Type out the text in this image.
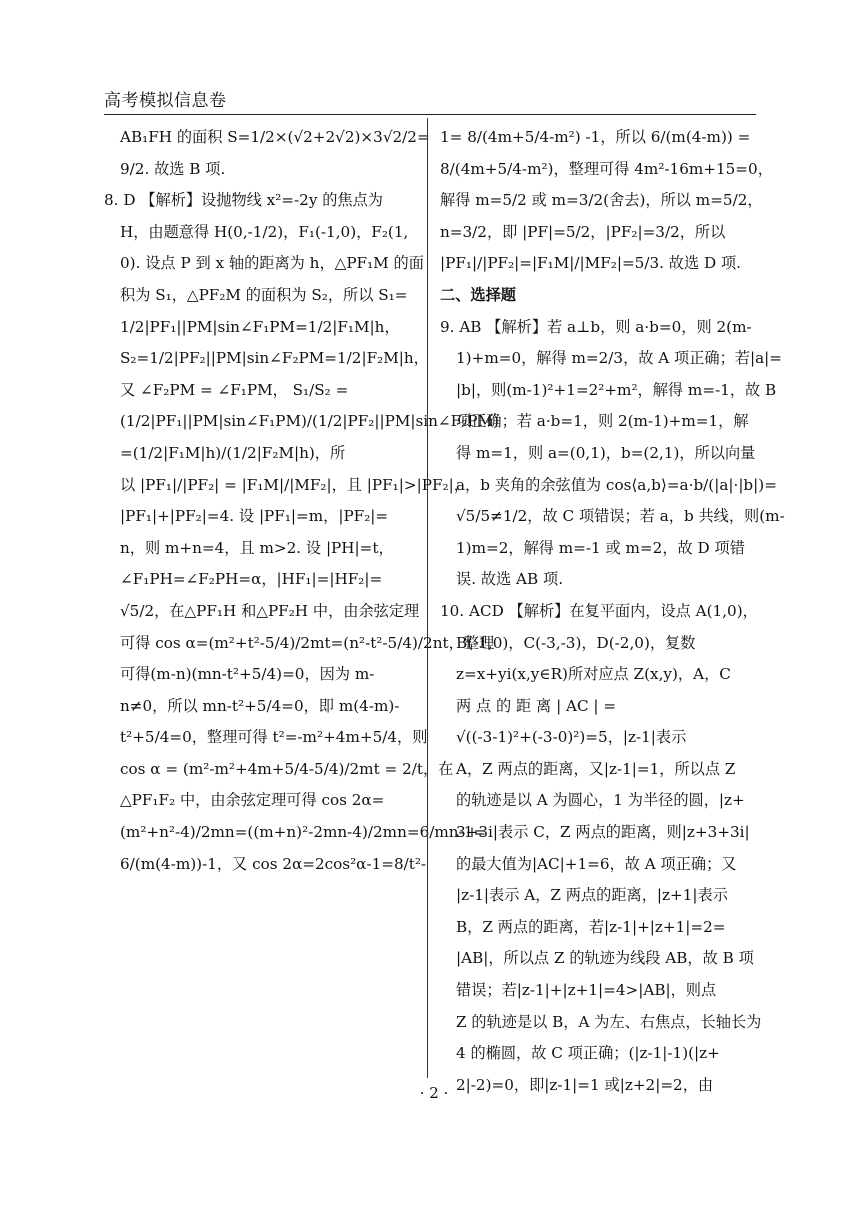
高考模拟信息卷
AB₁FH 的面积 S=1/2×(√2+2√2)×3√2/2=
9/2. 故选 B 项.
8. D 【解析】设抛物线 x²=-2y 的焦点为
H，由题意得 H(0,-1/2)，F₁(-1,0)，F₂(1,
0). 设点 P 到 x 轴的距离为 h，△PF₁M 的面
积为 S₁，△PF₂M 的面积为 S₂，所以 S₁=
1/2|PF₁||PM|sin∠F₁PM=1/2|F₁M|h，
S₂=1/2|PF₂||PM|sin∠F₂PM=1/2|F₂M|h，
又 ∠F₂PM = ∠F₁PM， S₁/S₂ =
(1/2|PF₁||PM|sin∠F₁PM)/(1/2|PF₂||PM|sin∠F₂PM)
=(1/2|F₁M|h)/(1/2|F₂M|h)，所
以 |PF₁|/|PF₂| = |F₁M|/|MF₂|，且 |PF₁|>|PF₂|，
|PF₁|+|PF₂|=4. 设 |PF₁|=m，|PF₂|=
n，则 m+n=4，且 m>2. 设 |PH|=t，
∠F₁PH=∠F₂PH=α，|HF₁|=|HF₂|=
√5/2，在△PF₁H 和△PF₂H 中，由余弦定理
可得 cos α=(m²+t²-5/4)/2mt=(n²-t²-5/4)/2nt，整理
可得(m-n)(mn-t²+5/4)=0，因为 m-
n≠0，所以 mn-t²+5/4=0，即 m(4-m)-
t²+5/4=0，整理可得 t²=-m²+4m+5/4，则
cos α = (m²-m²+4m+5/4-5/4)/2mt = 2/t，在
△PF₁F₂ 中，由余弦定理可得 cos 2α=
(m²+n²-4)/2mn=((m+n)²-2mn-4)/2mn=6/mn-1=
6/(m(4-m))-1，又 cos 2α=2cos²α-1=8/t²-
1= 8/(4m+5/4-m²) -1，所以 6/(m(4-m)) =
8/(4m+5/4-m²)，整理可得 4m²-16m+15=0，
解得 m=5/2 或 m=3/2(舍去)，所以 m=5/2，
n=3/2，即 |PF|=5/2，|PF₂|=3/2，所以
|PF₁|/|PF₂|=|F₁M|/|MF₂|=5/3. 故选 D 项.
二、选择题
9. AB 【解析】若 a⊥b，则 a·b=0，则 2(m-
1)+m=0，解得 m=2/3，故 A 项正确；若|a|=
|b|，则(m-1)²+1=2²+m²，解得 m=-1，故 B
项正确；若 a·b=1，则 2(m-1)+m=1，解
得 m=1，则 a=(0,1)，b=(2,1)，所以向量
a，b 夹角的余弦值为 cos⟨a,b⟩=a·b/(|a|·|b|)=
√5/5≠1/2，故 C 项错误；若 a，b 共线，则(m-
1)m=2，解得 m=-1 或 m=2，故 D 项错
误. 故选 AB 项.
10. ACD 【解析】在复平面内，设点 A(1,0)，
B(-1,0)，C(-3,-3)，D(-2,0)，复数
z=x+yi(x,y∈R)所对应点 Z(x,y)，A，C
两 点 的 距 离 | AC | =
√((-3-1)²+(-3-0)²)=5，|z-1|表示
A，Z 两点的距离，又|z-1|=1，所以点 Z
的轨迹是以 A 为圆心，1 为半径的圆，|z+
3+3i|表示 C，Z 两点的距离，则|z+3+3i|
的最大值为|AC|+1=6，故 A 项正确；又
|z-1|表示 A，Z 两点的距离，|z+1|表示
B，Z 两点的距离，若|z-1|+|z+1|=2=
|AB|，所以点 Z 的轨迹为线段 AB，故 B 项
错误；若|z-1|+|z+1|=4>|AB|，则点
Z 的轨迹是以 B，A 为左、右焦点，长轴长为
4 的椭圆，故 C 项正确；(|z-1|-1)(|z+
2|-2)=0，即|z-1|=1 或|z+2|=2，由
· 2 ·
